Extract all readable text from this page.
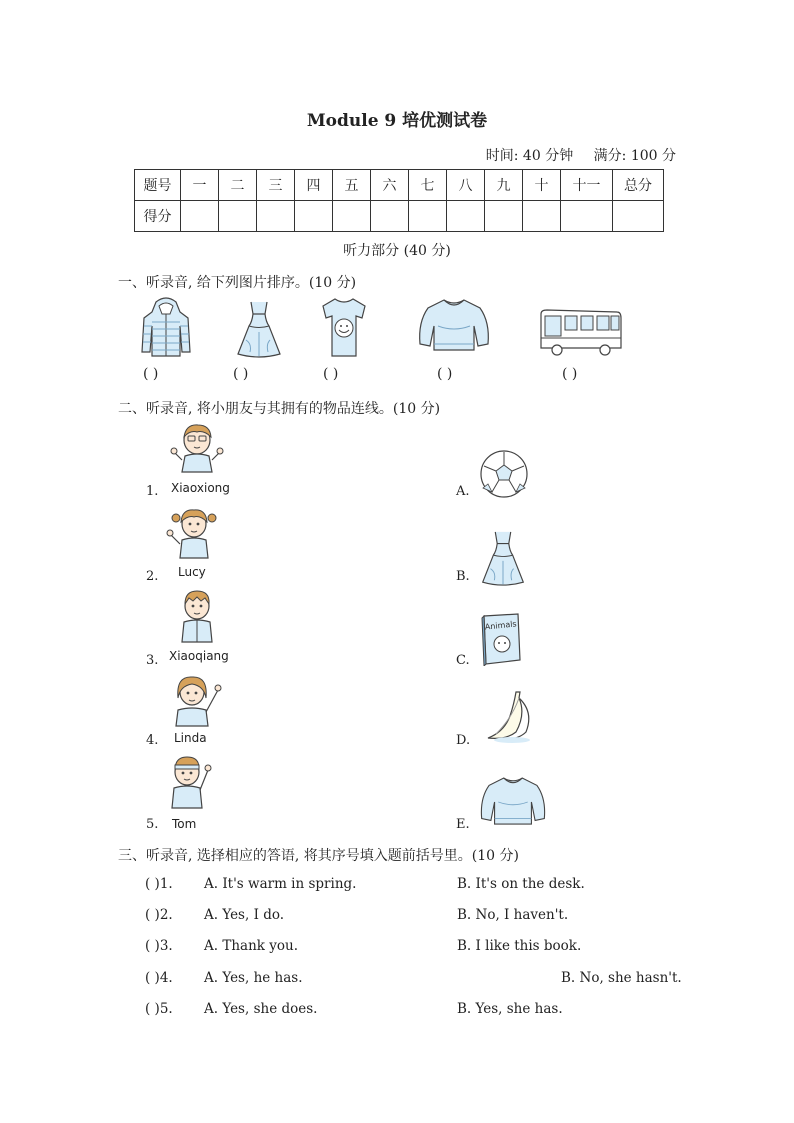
Module 9 培优测试卷
时间: 40 分钟 满分: 100 分
题号	一	二	三	四	五	六	七	八	九	十	十一	总分
得分												
听力部分 (40 分)
一、听录音, 给下列图片排序。(10 分)
( )	( )	( )	( )	( )
二、听录音, 将小朋友与其拥有的物品连线。(10 分)
Xiaoxiong
1.
Lucy
2.
Xiaoqiang
3.
Linda
4.
Tom
5.
A.
B.
C.
Animals
D.
E.
三、听录音, 选择相应的答语, 将其序号填入题前括号里。(10 分)
( )1. A. It's warm in spring.	B. It's on the desk.
( )2. A. Yes, I do.	B. No, I haven't.
( )3. A. Thank you.	B. I like this book.
( )4. A. Yes, he has.	B. No, she hasn't.
( )5. A. Yes, she does.	B. Yes, she has.
